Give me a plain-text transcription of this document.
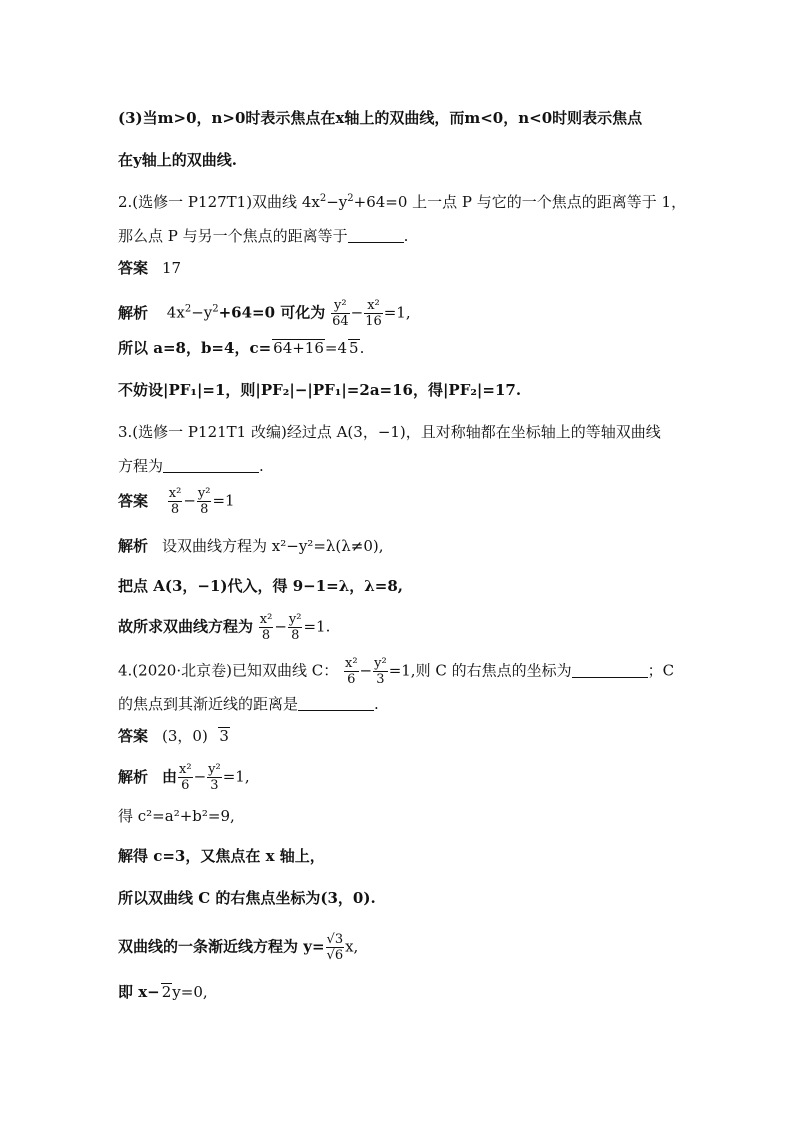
(3)当m>0，n>0时表示焦点在x轴上的双曲线，而m<0，n<0时则表示焦点
在y轴上的双曲线.
2.(选修一 P127T1)双曲线 $4x^2-y^2+64=0$ 上一点 P 与它的一个焦点的距离等于 1，
那么点 P 与另一个焦点的距离等于	.
答案 17
解析 $4x^2-y^2+64=0$ 可化为 $\frac{\text{y²}}{64} - \frac{\text{x²}}{16} =1$,
所以 a=8，b=4，c= 64+16=4 5.
不妨设|PF₁|=1，则|PF₂|−|PF₁|=2a=16，得|PF₂|=17.
3.(选修一 P121T1 改编)经过点 A(3，−1)，且对称轴都在坐标轴上的等轴双曲线
方程为	.
答案 $\frac{\text{x²}}{8} - \frac{\text{y²}}{8} =1$
解析 设双曲线方程为 x²−y²=λ(λ≠0),
把点 A(3，−1)代入，得 9−1=λ，λ=8,
故所求双曲线方程为 $\frac{\text{x²}}{8} - \frac{\text{y²}}{8} =1$.
4.(2020·北京卷)已知双曲线 C： $\frac{\text{x²}}{6} - \frac{\text{y²}}{3} =1$,则 C 的右焦点的坐标为	；C
的焦点到其渐近线的距离是	.
答案 (3，0) 3
解析 由 $\frac{\text{x²}}{6} - \frac{\text{y²}}{3} =1$,
得 c²=a²+b²=9,
解得 c=3，又焦点在 x 轴上，
所以双曲线 C 的右焦点坐标为(3，0).
双曲线的一条渐近线方程为 $y= \frac{√3}{√6} x$,
即 x− 2y=0,
